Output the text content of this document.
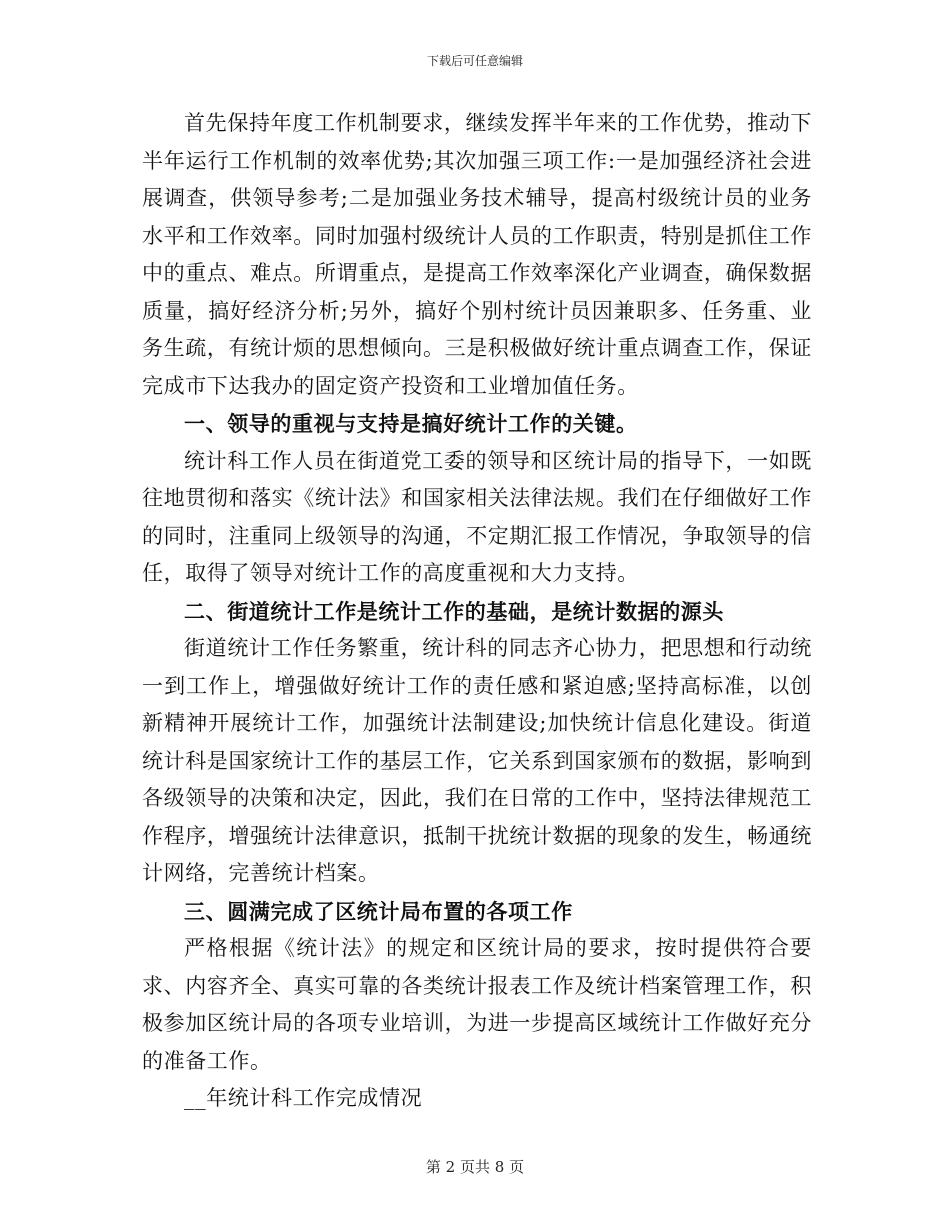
下载后可任意编辑

首先保持年度工作机制要求，继续发挥半年来的工作优势，推动下半年运行工作机制的效率优势;其次加强三项工作:一是加强经济社会进展调查，供领导参考;二是加强业务技术辅导，提高村级统计员的业务水平和工作效率。同时加强村级统计人员的工作职责，特别是抓住工作中的重点、难点。所谓重点，是提高工作效率深化产业调查，确保数据质量，搞好经济分析;另外，搞好个别村统计员因兼职多、任务重、业务生疏，有统计烦的思想倾向。三是积极做好统计重点调查工作，保证完成市下达我办的固定资产投资和工业增加值任务。

一、领导的重视与支持是搞好统计工作的关键。

统计科工作人员在街道党工委的领导和区统计局的指导下，一如既往地贯彻和落实《统计法》和国家相关法律法规。我们在仔细做好工作的同时，注重同上级领导的沟通，不定期汇报工作情况，争取领导的信任，取得了领导对统计工作的高度重视和大力支持。

二、街道统计工作是统计工作的基础，是统计数据的源头

街道统计工作任务繁重，统计科的同志齐心协力，把思想和行动统一到工作上，增强做好统计工作的责任感和紧迫感;坚持高标准，以创新精神开展统计工作，加强统计法制建设;加快统计信息化建设。街道统计科是国家统计工作的基层工作，它关系到国家颁布的数据，影响到各级领导的决策和决定，因此，我们在日常的工作中，坚持法律规范工作程序，增强统计法律意识，抵制干扰统计数据的现象的发生，畅通统计网络，完善统计档案。

三、圆满完成了区统计局布置的各项工作

严格根据《统计法》的规定和区统计局的要求，按时提供符合要求、内容齐全、真实可靠的各类统计报表工作及统计档案管理工作，积极参加区统计局的各项专业培训，为进一步提高区域统计工作做好充分的准备工作。

__年统计科工作完成情况

第 2 页共 8 页
